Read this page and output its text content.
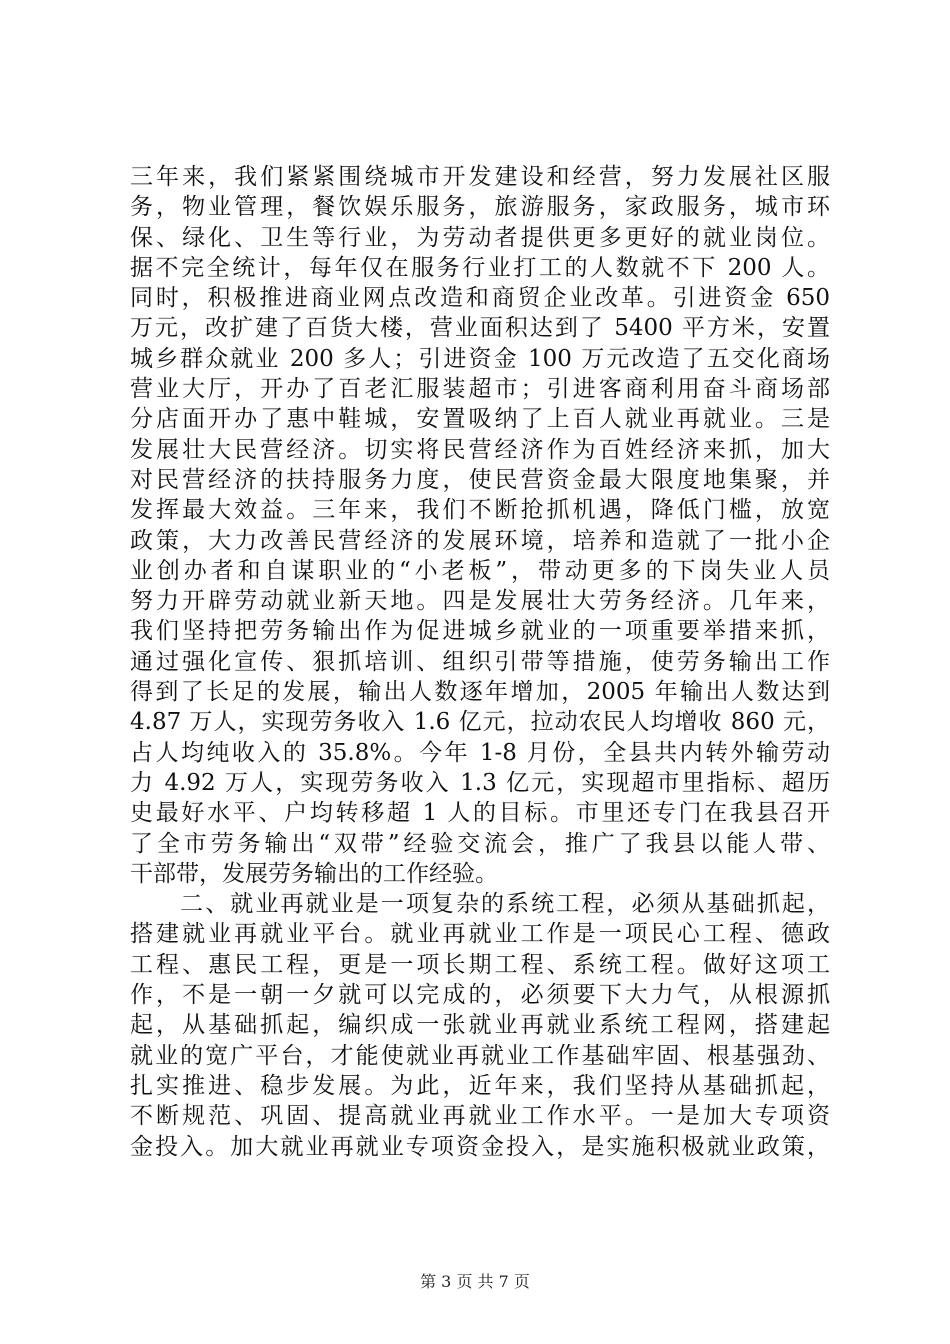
三年来，我们紧紧围绕城市开发建设和经营，努力发展社区服
务，物业管理，餐饮娱乐服务，旅游服务，家政服务，城市环
保、绿化、卫生等行业，为劳动者提供更多更好的就业岗位。
据不完全统计，每年仅在服务行业打工的人数就不下 200 人。
同时，积极推进商业网点改造和商贸企业改革。引进资金 650
万元，改扩建了百货大楼，营业面积达到了 5400 平方米，安置
城乡群众就业 200 多人；引进资金 100 万元改造了五交化商场
营业大厅，开办了百老汇服装超市；引进客商利用奋斗商场部
分店面开办了惠中鞋城，安置吸纳了上百人就业再就业。三是
发展壮大民营经济。切实将民营经济作为百姓经济来抓，加大
对民营经济的扶持服务力度，使民营资金最大限度地集聚，并
发挥最大效益。三年来，我们不断抢抓机遇，降低门槛，放宽
政策，大力改善民营经济的发展环境，培养和造就了一批小企
业创办者和自谋职业的“小老板”，带动更多的下岗失业人员
努力开辟劳动就业新天地。四是发展壮大劳务经济。几年来，
我们坚持把劳务输出作为促进城乡就业的一项重要举措来抓，
通过强化宣传、狠抓培训、组织引带等措施，使劳务输出工作
得到了长足的发展，输出人数逐年增加，2005 年输出人数达到
4.87 万人，实现劳务收入 1.6 亿元，拉动农民人均增收 860 元，
占人均纯收入的 35.8%。今年 1-8 月份，全县共内转外输劳动
力 4.92 万人，实现劳务收入 1.3 亿元，实现超市里指标、超历
史最好水平、户均转移超 1 人的目标。市里还专门在我县召开
了全市劳务输出“双带”经验交流会，推广了我县以能人带、
干部带，发展劳务输出的工作经验。
　　二、就业再就业是一项复杂的系统工程，必须从基础抓起，
搭建就业再就业平台。就业再就业工作是一项民心工程、德政
工程、惠民工程，更是一项长期工程、系统工程。做好这项工
作，不是一朝一夕就可以完成的，必须要下大力气，从根源抓
起，从基础抓起，编织成一张就业再就业系统工程网，搭建起
就业的宽广平台，才能使就业再就业工作基础牢固、根基强劲、
扎实推进、稳步发展。为此，近年来，我们坚持从基础抓起，
不断规范、巩固、提高就业再就业工作水平。一是加大专项资
金投入。加大就业再就业专项资金投入，是实施积极就业政策，
第 3 页 共 7 页
